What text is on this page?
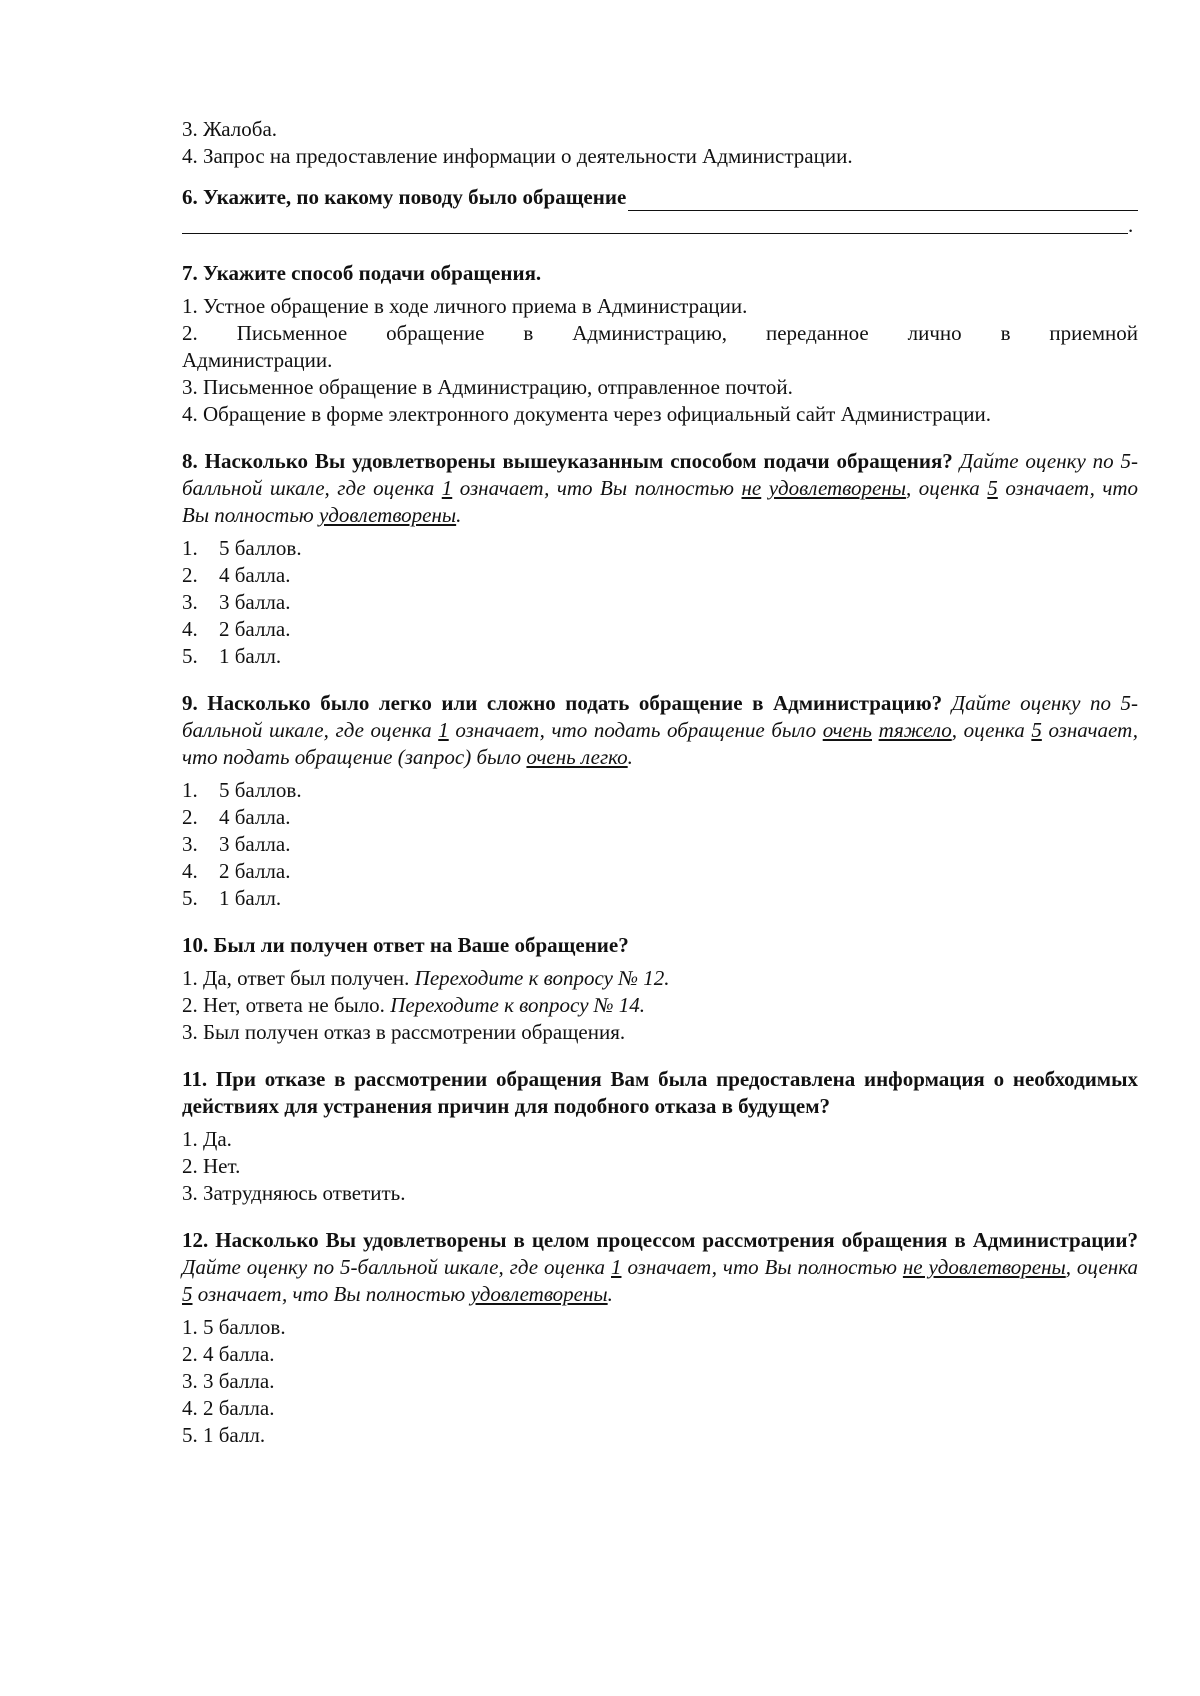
3. Жалоба.

4. Запрос на предоставление информации о деятельности Администрации.

6. Укажите, по какому поводу было обращение
.

7. Укажите способ подачи обращения.

1. Устное обращение в ходе личного приема в Администрации.

2. Письменное обращение в Администрацию, переданное лично в приемной

Администрации.

3. Письменное обращение в Администрацию, отправленное почтой.

4. Обращение в форме электронного документа через официальный сайт Администрации.

8. Насколько Вы удовлетворены вышеуказанным способом подачи обращения? Дайте оценку по 5-балльной шкале, где оценка 1 означает, что Вы полностью не удовлетворены, оценка 5 означает, что Вы полностью удовлетворены.

1. 5 баллов.

2. 4 балла.

3. 3 балла.

4. 2 балла.

5. 1 балл.

9. Насколько было легко или сложно подать обращение в Администрацию? Дайте оценку по 5-балльной шкале, где оценка 1 означает, что подать обращение было очень тяжело, оценка 5 означает, что подать обращение (запрос) было очень легко.

1. 5 баллов.

2. 4 балла.

3. 3 балла.

4. 2 балла.

5. 1 балл.

10. Был ли получен ответ на Ваше обращение?

1. Да, ответ был получен. Переходите к вопросу № 12.

2. Нет, ответа не было. Переходите к вопросу № 14.

3. Был получен отказ в рассмотрении обращения.

11. При отказе в рассмотрении обращения Вам была предоставлена информация о необходимых действиях для устранения причин для подобного отказа в будущем?

1. Да.

2. Нет.

3. Затрудняюсь ответить.

12. Насколько Вы удовлетворены в целом процессом рассмотрения обращения в Администрации? Дайте оценку по 5-балльной шкале, где оценка 1 означает, что Вы полностью не удовлетворены, оценка 5 означает, что Вы полностью удовлетворены.

1. 5 баллов.

2. 4 балла.

3. 3 балла.

4. 2 балла.

5. 1 балл.
